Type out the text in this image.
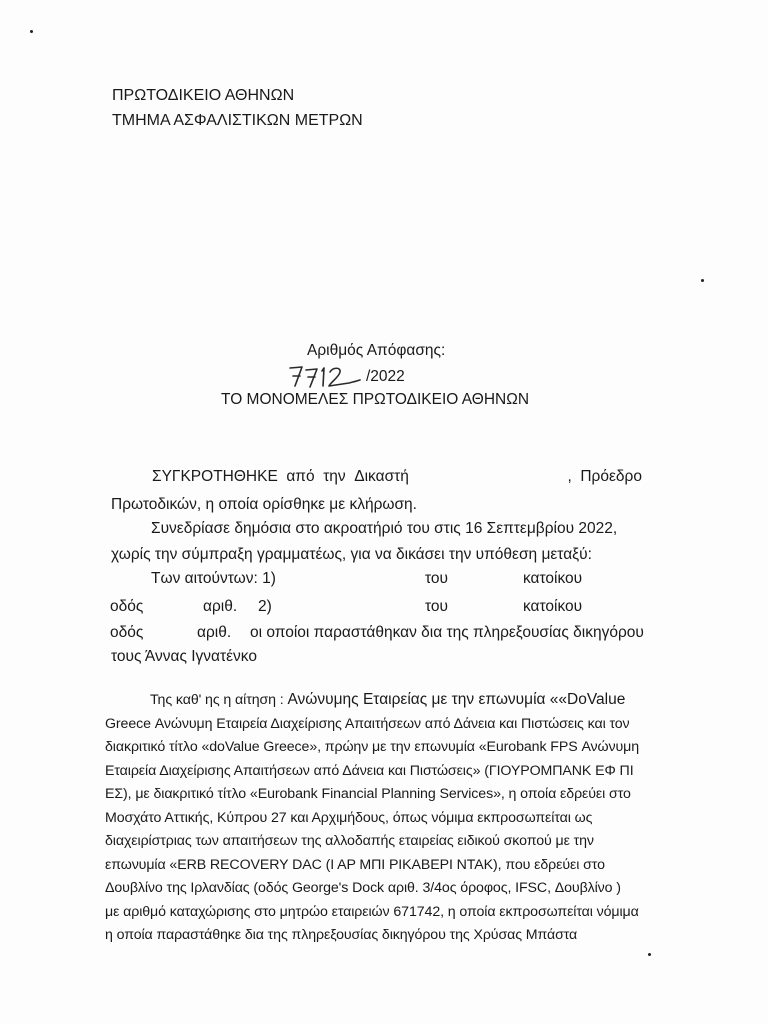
ΠΡΩΤΟΔΙΚΕΙΟ ΑΘΗΝΩΝ
ΤΜΗΜΑ ΑΣΦΑΛΙΣΤΙΚΩΝ ΜΕΤΡΩΝ
Αριθμός Απόφασης:
/2022
ΤΟ ΜΟΝΟΜΕΛΕΣ ΠΡΩΤΟΔΙΚΕΙΟ ΑΘΗΝΩΝ
ΣΥΓΚΡΟΤΗΘΗΚΕ από την Δικαστή	, Πρόεδρο
Πρωτοδικών, η οποία ορίσθηκε με κλήρωση.
Συνεδρίασε δημόσια στο ακροατήριό του στις 16 Σεπτεμβρίου 2022,
χωρίς την σύμπραξη γραμματέως, για να δικάσει την υπόθεση μεταξύ:
Των αιτούντων: 1)	του	κατοίκου
οδός	αριθ. 2)	του	κατοίκου
οδός	αριθ. οι οποίοι παραστάθηκαν δια της πληρεξουσίας δικηγόρου
τους Άννας Ιγνατένκο
Της καθ' ης η αίτηση : Ανώνυμης Εταιρείας με την επωνυμία ««DoValue
Greece Ανώνυμη Εταιρεία Διαχείρισης Απαιτήσεων από Δάνεια και Πιστώσεις και τον
διακριτικό τίτλο «doValue Greece», πρώην με την επωνυμία «Eurobank FPS Ανώνυμη
Εταιρεία Διαχείρισης Απαιτήσεων από Δάνεια και Πιστώσεις» (ΓΙΟΥΡΟΜΠΑΝΚ ΕΦ ΠΙ
ΕΣ), με διακριτικό τίτλο «Eurobank Financial Planning Services», η οποία εδρεύει στο
Μοσχάτο Αττικής, Κύπρου 27 και Αρχιμήδους, όπως νόμιμα εκπροσωπείται ως
διαχειρίστριας των απαιτήσεων της αλλοδαπής εταιρείας ειδικού σκοπού με την
επωνυμία «ERB RECOVERY DAC (Ι ΑΡ ΜΠΙ ΡΙΚΑΒΕΡΙ ΝΤΑΚ), που εδρεύει στο
Δουβλίνο της Ιρλανδίας (οδός George's Dock αριθ. 3/4ος όροφος, IFSC, Δουβλίνο )
με αριθμό καταχώρισης στο μητρώο εταιρειών 671742, η οποία εκπροσωπείται νόμιμα
η οποία παραστάθηκε δια της πληρεξουσίας δικηγόρου της Χρύσας Μπάστα
